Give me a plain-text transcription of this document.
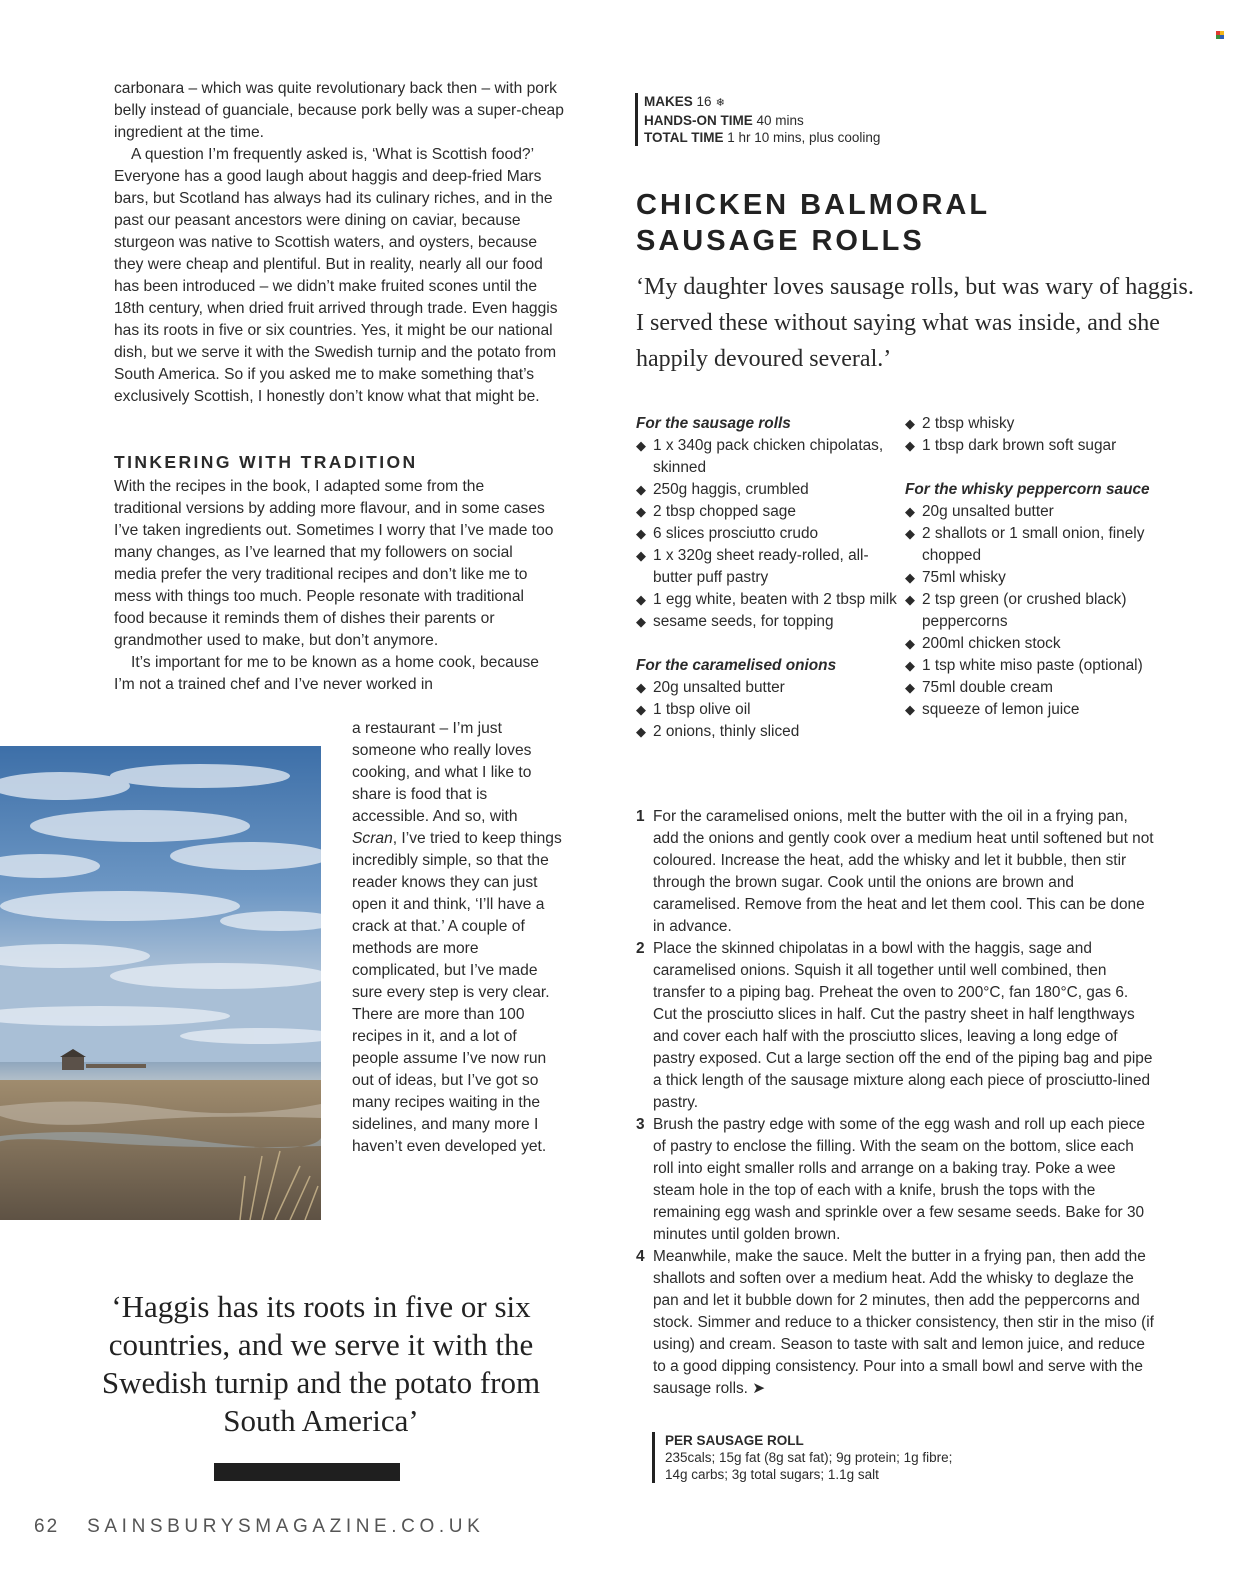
carbonara – which was quite revolutionary back then – with pork belly instead of guanciale, because pork belly was a super-cheap ingredient at the time.

A question I’m frequently asked is, ‘What is Scottish food?’ Everyone has a good laugh about haggis and deep-fried Mars bars, but Scotland has always had its culinary riches, and in the past our peasant ancestors were dining on caviar, because sturgeon was native to Scottish waters, and oysters, because they were cheap and plentiful. But in reality, nearly all our food has been introduced – we didn’t make fruited scones until the 18th century, when dried fruit arrived through trade. Even haggis has its roots in five or six countries. Yes, it might be our national dish, but we serve it with the Swedish turnip and the potato from South America. So if you asked me to make something that’s exclusively Scottish, I honestly don’t know what that might be.

TINKERING WITH TRADITION

With the recipes in the book, I adapted some from the traditional versions by adding more flavour, and in some cases I’ve taken ingredients out. Sometimes I worry that I’ve made too many changes, as I’ve learned that my followers on social media prefer the very traditional recipes and don’t like me to mess with things too much. People resonate with traditional food because it reminds them of dishes their parents or grandmother used to make, but don’t anymore.

It’s important for me to be known as a home cook, because I’m not a trained chef and I’ve never worked in

a restaurant – I’m just someone who really loves cooking, and what I like to share is food that is accessible. And so, with Scran, I’ve tried to keep things incredibly simple, so that the reader knows they can just open it and think, ‘I’ll have a crack at that.’ A couple of methods are more complicated, but I’ve made sure every step is very clear. There are more than 100 recipes in it, and a lot of people assume I’ve now run out of ideas, but I’ve got so many recipes waiting in the sidelines, and many more I haven’t even developed yet.
‘Haggis has its roots in five or six countries, and we serve it with the Swedish turnip and the potato from South America’
62 SAINSBURYSMAGAZINE.CO.UK
MAKES 16 ❄
HANDS-ON TIME 40 mins
TOTAL TIME 1 hr 10 mins, plus cooling
CHICKEN BALMORAL
SAUSAGE ROLLS

‘My daughter loves sausage rolls, but was wary of haggis. I served these without saying what was inside, and she happily devoured several.’

For the sausage rolls
◆ 1 x 340g pack chicken chipolatas, skinned
◆ 250g haggis, crumbled
◆ 2 tbsp chopped sage
◆ 6 slices prosciutto crudo
◆ 1 x 320g sheet ready-rolled, all-butter puff pastry
◆ 1 egg white, beaten with 2 tbsp milk
◆ sesame seeds, for topping
For the caramelised onions
◆ 20g unsalted butter
◆ 1 tbsp olive oil
◆ 2 onions, thinly sliced
◆ 2 tbsp whisky
◆ 1 tbsp dark brown soft sugar
For the whisky peppercorn sauce
◆ 20g unsalted butter
◆ 2 shallots or 1 small onion, finely chopped
◆ 75ml whisky
◆ 2 tsp green (or crushed black) peppercorns
◆ 200ml chicken stock
◆ 1 tsp white miso paste (optional)
◆ 75ml double cream
◆ squeeze of lemon juice
1 For the caramelised onions, melt the butter with the oil in a frying pan, add the onions and gently cook over a medium heat until softened but not coloured. Increase the heat, add the whisky and let it bubble, then stir through the brown sugar. Cook until the onions are brown and caramelised. Remove from the heat and let them cool. This can be done in advance.
2 Place the skinned chipolatas in a bowl with the haggis, sage and caramelised onions. Squish it all together until well combined, then transfer to a piping bag. Preheat the oven to 200°C, fan 180°C, gas 6. Cut the prosciutto slices in half. Cut the pastry sheet in half lengthways and cover each half with the prosciutto slices, leaving a long edge of pastry exposed. Cut a large section off the end of the piping bag and pipe a thick length of the sausage mixture along each piece of prosciutto-lined pastry.
3 Brush the pastry edge with some of the egg wash and roll up each piece of pastry to enclose the filling. With the seam on the bottom, slice each roll into eight smaller rolls and arrange on a baking tray. Poke a wee steam hole in the top of each with a knife, brush the tops with the remaining egg wash and sprinkle over a few sesame seeds. Bake for 30 minutes until golden brown.
4 Meanwhile, make the sauce. Melt the butter in a frying pan, then add the shallots and soften over a medium heat. Add the whisky to deglaze the pan and let it bubble down for 2 minutes, then add the peppercorns and stock. Simmer and reduce to a thicker consistency, then stir in the miso (if using) and cream. Season to taste with salt and lemon juice, and reduce to a good dipping consistency. Pour into a small bowl and serve with the sausage rolls. ➤
PER SAUSAGE ROLL
235cals; 15g fat (8g sat fat); 9g protein; 1g fibre;
14g carbs; 3g total sugars; 1.1g salt
